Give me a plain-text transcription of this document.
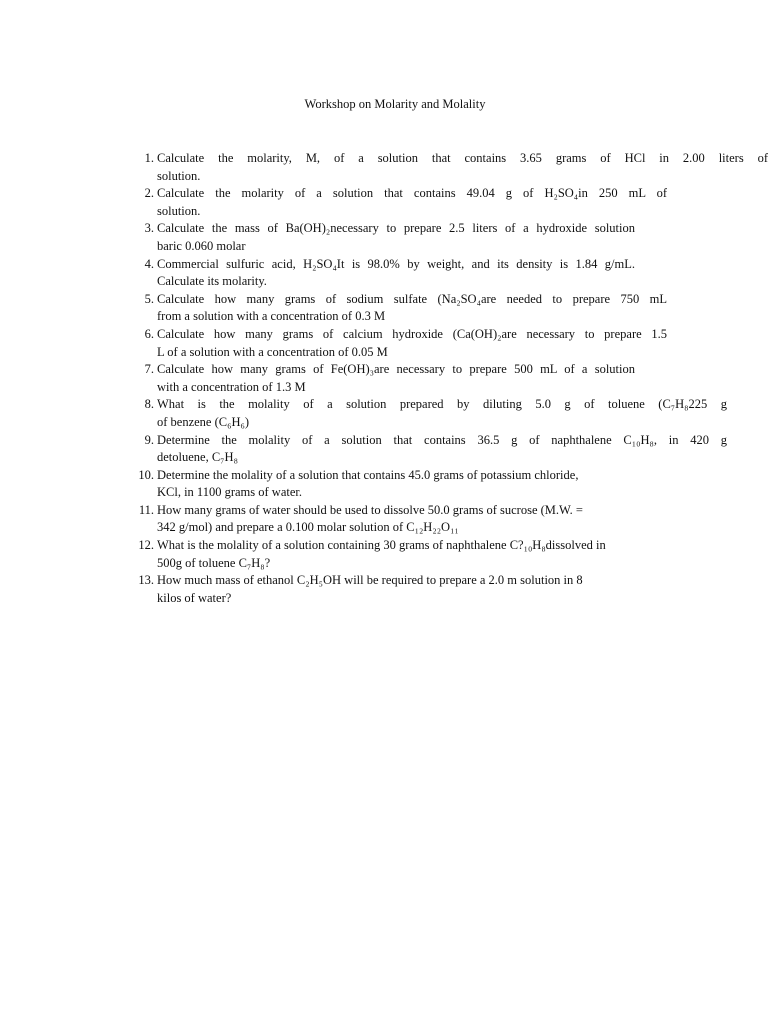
Workshop on Molarity and Molality
1. Calculate the molarity, M, of a solution that contains 3.65 grams of HCl in 2.00 liters of
solution.
2. Calculate the molarity of a solution that contains 49.04 g of H₂SO₄in 250 mL of
solution.
3. Calculate the mass of Ba(OH)₂necessary to prepare 2.5 liters of a hydroxide solution
baric 0.060 molar
4. Commercial sulfuric acid, H₂SO₄It is 98.0% by weight, and its density is 1.84 g/mL.
Calculate its molarity.
5. Calculate how many grams of sodium sulfate (Na₂SO₄are needed to prepare 750 mL
from a solution with a concentration of 0.3 M
6. Calculate how many grams of calcium hydroxide (Ca(OH)₂are necessary to prepare 1.5
L of a solution with a concentration of 0.05 M
7. Calculate how many grams of Fe(OH)₃are necessary to prepare 500 mL of a solution
with a concentration of 1.3 M
8. What is the molality of a solution prepared by diluting 5.0 g of toluene (C₇H₈225 g
of benzene (C₆H₆)
9. Determine the molality of a solution that contains 36.5 g of naphthalene C₁₀H₈, in 420 g
detoluene, C₇H₈
10. Determine the molality of a solution that contains 45.0 grams of potassium chloride,
KCl, in 1100 grams of water.
11. How many grams of water should be used to dissolve 50.0 grams of sucrose (M.W. =
342 g/mol) and prepare a 0.100 molar solution of C₁₂H₂₂O₁₁
12. What is the molality of a solution containing 30 grams of naphthalene C?₁₀H₈dissolved in
500g of toluene C₇H₈?
13. How much mass of ethanol C₂H₅OH will be required to prepare a 2.0 m solution in 8
kilos of water?
